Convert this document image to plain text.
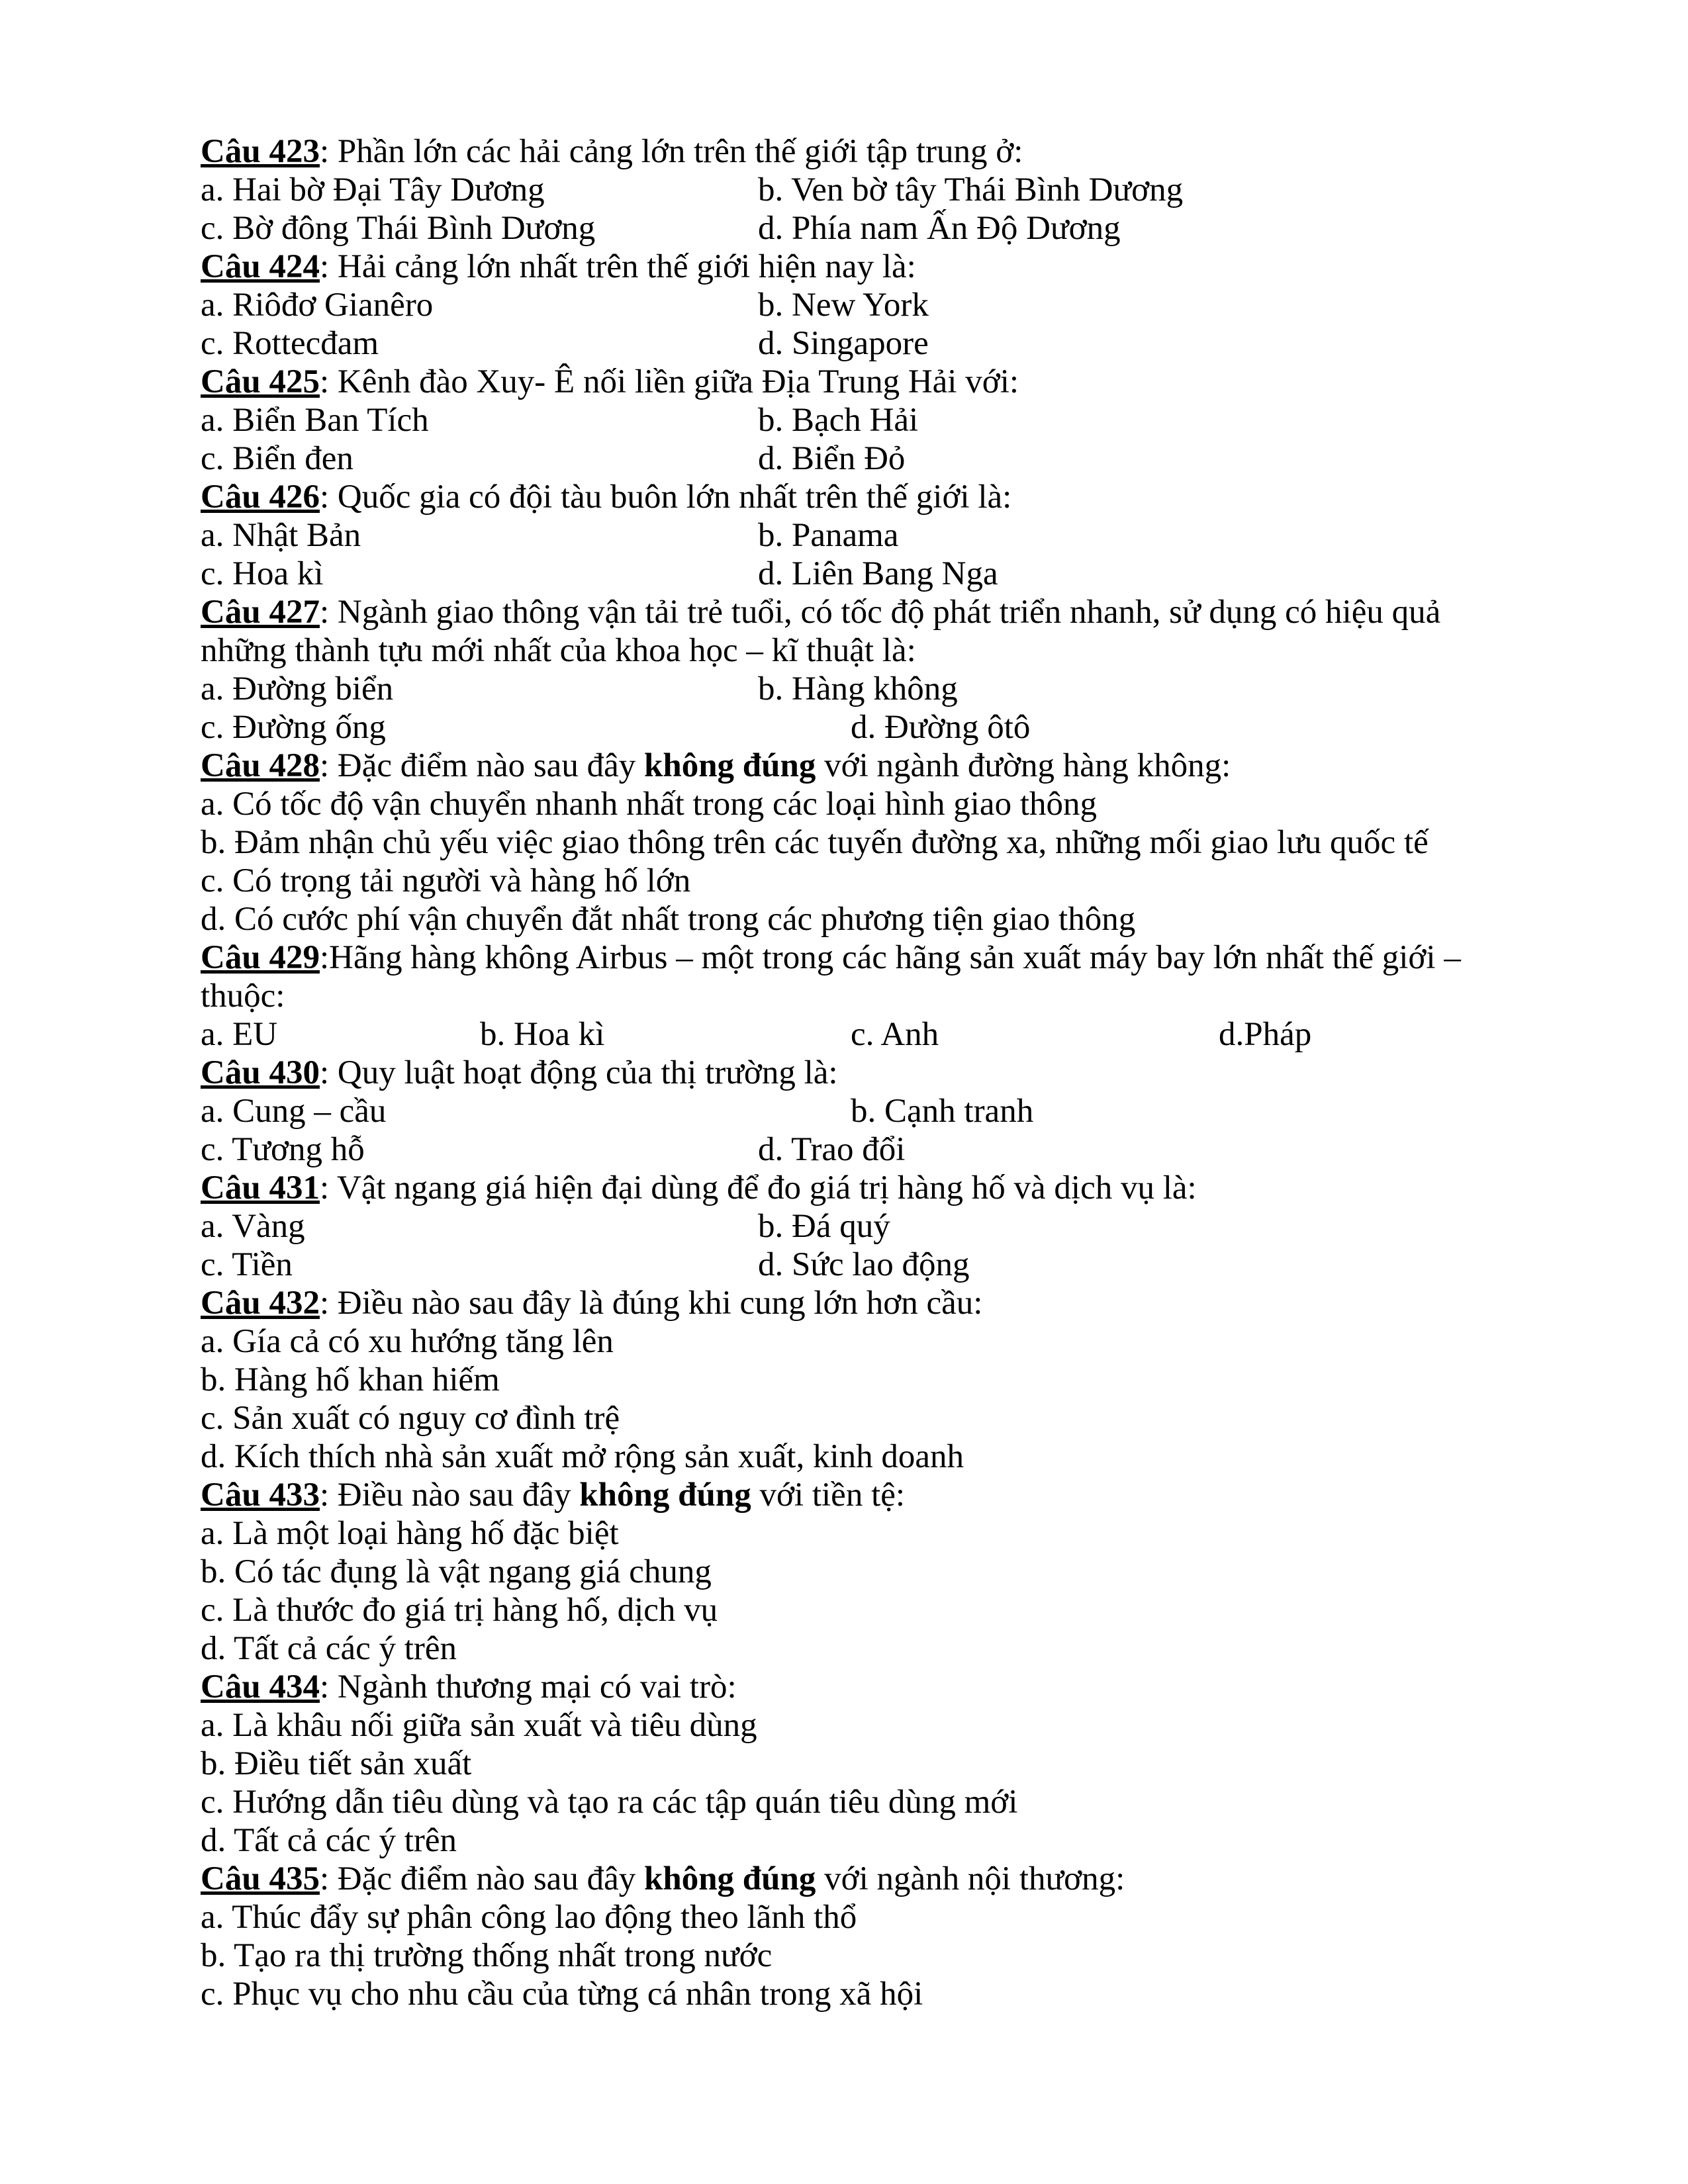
Câu 423: Phần lớn các hải cảng lớn trên thế giới tập trung ở:
a. Hai bờ Đại Tây Dương	b. Ven bờ tây Thái Bình Dương
c. Bờ đông Thái Bình Dương	d. Phía nam Ấn Độ Dương
Câu 424: Hải cảng lớn nhất trên thế giới hiện nay là:
a. Riôđơ Gianêro	b. New York
c. Rottecđam	d. Singapore
Câu 425: Kênh đào Xuy- Ê nối liền giữa Địa Trung Hải với:
a. Biển Ban Tích	b. Bạch Hải
c. Biển đen	d. Biển Đỏ
Câu 426: Quốc gia có đội tàu buôn lớn nhất trên thế giới là:
a. Nhật Bản	b. Panama
c. Hoa kì	d. Liên Bang Nga
Câu 427: Ngành giao thông vận tải trẻ tuổi, có tốc độ phát triển nhanh, sử dụng có hiệu quả những thành tựu mới nhất của khoa học – kĩ thuật là:
a. Đường biển	b. Hàng không
c. Đường ống	d. Đường ôtô
Câu 428: Đặc điểm nào sau đây không đúng với ngành đường hàng không:
a. Có tốc độ vận chuyển nhanh nhất trong các loại hình giao thông
b. Đảm nhận chủ yếu việc giao thông trên các tuyến đường xa, những mối giao lưu quốc tế
c. Có trọng tải người và hàng hố lớn
d. Có cước phí vận chuyển đắt nhất trong các phương tiện giao thông
Câu 429:Hãng hàng không Airbus – một trong các hãng sản xuất máy bay lớn nhất thế giới – thuộc:
a. EU	b. Hoa kì	c. Anh	d.Pháp
Câu 430: Quy luật hoạt động của thị trường là:
a. Cung – cầu	b. Cạnh tranh
c. Tương hỗ	d. Trao đổi
Câu 431: Vật ngang giá hiện đại dùng để đo giá trị hàng hố và dịch vụ là:
a. Vàng	b. Đá quý
c. Tiền	d. Sức lao động
Câu 432: Điều nào sau đây là đúng khi cung lớn hơn cầu:
a. Gía cả có xu hướng tăng lên
b. Hàng hố khan hiếm
c. Sản xuất có nguy cơ đình trệ
d. Kích thích nhà sản xuất mở rộng sản xuất, kinh doanh
Câu 433: Điều nào sau đây không đúng với tiền tệ:
a. Là một loại hàng hố đặc biệt
b. Có tác đụng là vật ngang giá chung
c. Là thước đo giá trị hàng hố, dịch vụ
d. Tất cả các ý trên
Câu 434: Ngành thương mại có vai trò:
a. Là khâu nối giữa sản xuất và tiêu dùng
b. Điều tiết sản xuất
c. Hướng dẫn tiêu dùng và tạo ra các tập quán tiêu dùng mới
d. Tất cả các ý trên
Câu 435: Đặc điểm nào sau đây không đúng với ngành nội thương:
a. Thúc đẩy sự phân công lao động theo lãnh thổ
b. Tạo ra thị trường thống nhất trong nước
c. Phục vụ cho nhu cầu của từng cá nhân trong xã hội
